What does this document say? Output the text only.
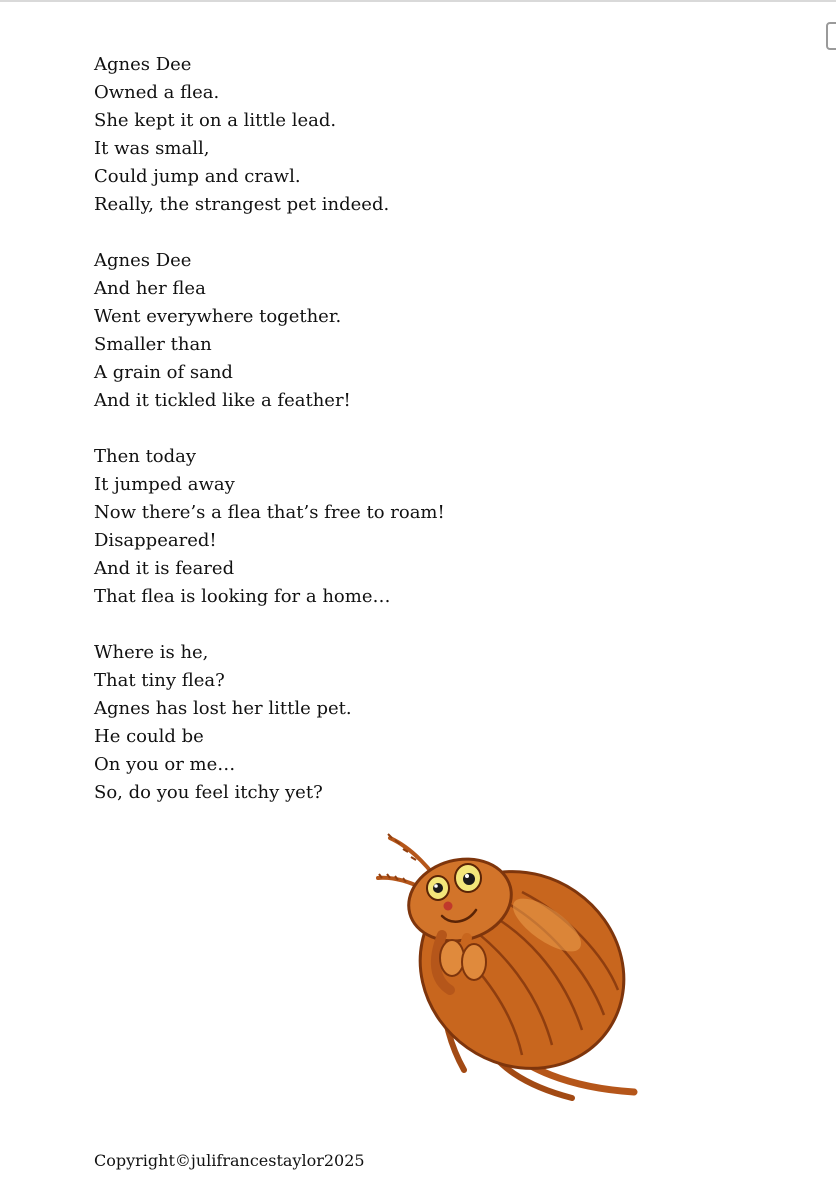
Agnes Dee
Owned a flea.
She kept it on a little lead.
It was small,
Could jump and crawl.
Really, the strangest pet indeed.
Agnes Dee
And her flea
Went everywhere together.
Smaller than
A grain of sand
And it tickled like a feather!
Then today
It jumped away
Now there’s a flea that’s free to roam!
Disappeared!
And it is feared
That flea is looking for a home…
Where is he,
That tiny flea?
Agnes has lost her little pet.
He could be
On you or me…
So, do you feel itchy yet?
Copyright©julifrancestaylor2025
